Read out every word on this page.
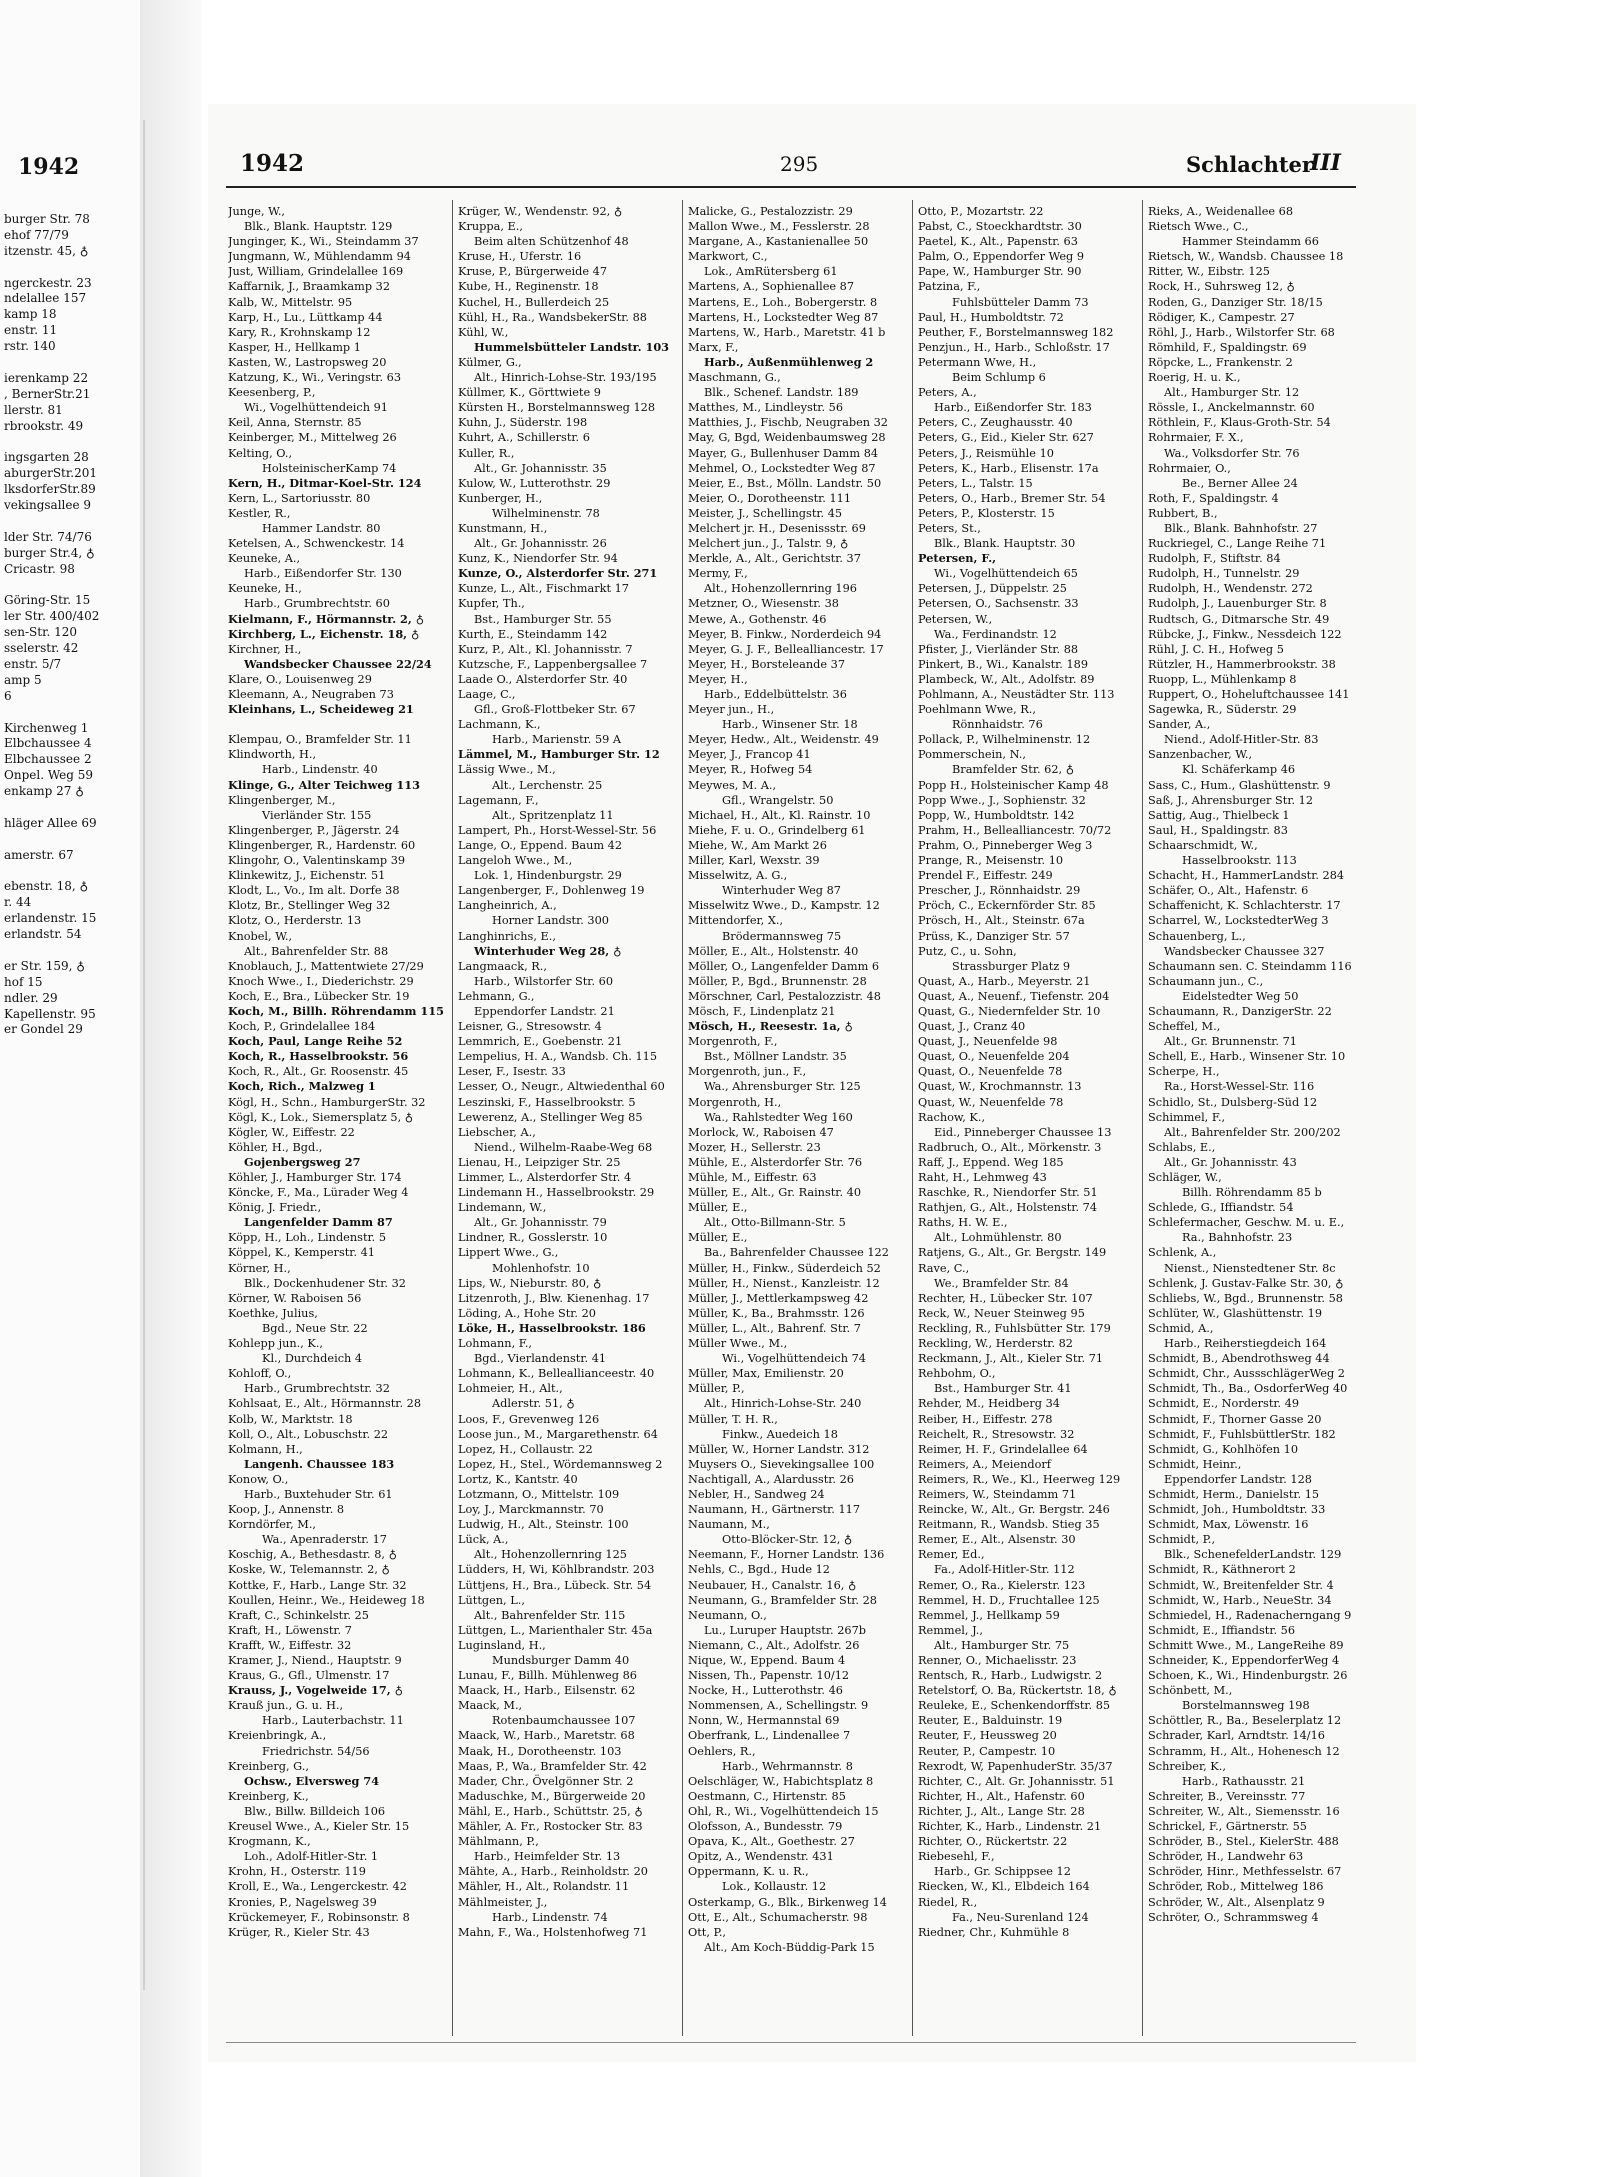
1942
burger Str. 78
ehof 77/79
itzenstr. 45, ♁
ngerckestr. 23
ndelallee 157
kamp 18
enstr. 11
rstr. 140
ierenkamp 22
, BernerStr.21
llerstr. 81
rbrookstr. 49
ingsgarten 28
aburgerStr.201
lksdorferStr.89
vekingsallee 9
lder Str. 74/76
burger Str.4, ♁
Cricastr. 98
Göring-Str. 15
ler Str. 400/402
sen-Str. 120
sselerstr. 42
enstr. 5/7
amp 5
6
Kirchenweg 1
Elbchaussee 4
Elbchaussee 2
Onpel. Weg 59
enkamp 27 ♁
hläger Allee 69
amerstr. 67
ebenstr. 18, ♁
r. 44
erlandenstr. 15
erlandstr. 54
er Str. 159, ♁
hof 15
ndler. 29
Kapellenstr. 95
er Gondel 29
1942	295	Schlachter
III
Junge, W.,
Blk., Blank. Hauptstr. 129
Junginger, K., Wi., Steindamm 37
Jungmann, W., Mühlendamm 94
Just, William, Grindelallee 169
Kaffarnik, J., Braamkamp 32
Kalb, W., Mittelstr. 95
Karp, H., Lu., Lüttkamp 44
Kary, R., Krohnskamp 12
Kasper, H., Hellkamp 1
Kasten, W., Lastropsweg 20
Katzung, K., Wi., Veringstr. 63
Keesenberg, P.,
Wi., Vogelhüttendeich 91
Keil, Anna, Sternstr. 85
Keinberger, M., Mittelweg 26
Kelting, O.,
HolsteinischerKamp 74
Kern, H., Ditmar-Koel-Str. 124
Kern, L., Sartoriusstr. 80
Kestler, R.,
Hammer Landstr. 80
Ketelsen, A., Schwenckestr. 14
Keuneke, A.,
Harb., Eißendorfer Str. 130
Keuneke, H.,
Harb., Grumbrechtstr. 60
Kielmann, F., Hörmannstr. 2, ♁
Kirchberg, L., Eichenstr. 18, ♁
Kirchner, H.,
Wandsbecker Chaussee 22/24
Klare, O., Louisenweg 29
Kleemann, A., Neugraben 73
Kleinhans, L., Scheideweg 21
Klempau, O., Bramfelder Str. 11
Klindworth, H.,
Harb., Lindenstr. 40
Klinge, G., Alter Teichweg 113
Klingenberger, M.,
Vierländer Str. 155
Klingenberger, P., Jägerstr. 24
Klingenberger, R., Hardenstr. 60
Klingohr, O., Valentinskamp 39
Klinkewitz, J., Eichenstr. 51
Klodt, L., Vo., Im alt. Dorfe 38
Klotz, Br., Stellinger Weg 32
Klotz, O., Herderstr. 13
Knobel, W.,
Alt., Bahrenfelder Str. 88
Knoblauch, J., Mattentwiete 27/29
Knoch Wwe., I., Diederichstr. 29
Koch, E., Bra., Lübecker Str. 19
Koch, M., Billh. Röhrendamm 115
Koch, P., Grindelallee 184
Koch, Paul, Lange Reihe 52
Koch, R., Hasselbrookstr. 56
Koch, R., Alt., Gr. Roosenstr. 45
Koch, Rich., Malzweg 1
Kögl, H., Schn., HamburgerStr. 32
Kögl, K., Lok., Siemersplatz 5, ♁
Kögler, W., Eiffestr. 22
Köhler, H., Bgd.,
Gojenbergsweg 27
Köhler, J., Hamburger Str. 174
Köncke, F., Ma., Lürader Weg 4
König, J. Friedr.,
Langenfelder Damm 87
Köpp, H., Loh., Lindenstr. 5
Köppel, K., Kemperstr. 41
Körner, H.,
Blk., Dockenhudener Str. 32
Körner, W. Raboisen 56
Koethke, Julius,
Bgd., Neue Str. 22
Kohlepp jun., K.,
Kl., Durchdeich 4
Kohloff, O.,
Harb., Grumbrechtstr. 32
Kohlsaat, E., Alt., Hörmannstr. 28
Kolb, W., Marktstr. 18
Koll, O., Alt., Lobuschstr. 22
Kolmann, H.,
Langenh. Chaussee 183
Konow, O.,
Harb., Buxtehuder Str. 61
Koop, J., Annenstr. 8
Korndörfer, M.,
Wa., Apenraderstr. 17
Koschig, A., Bethesdastr. 8, ♁
Koske, W., Telemannstr. 2, ♁
Kottke, F., Harb., Lange Str. 32
Koullen, Heinr., We., Heideweg 18
Kraft, C., Schinkelstr. 25
Kraft, H., Löwenstr. 7
Krafft, W., Eiffestr. 32
Kramer, J., Niend., Hauptstr. 9
Kraus, G., Gfl., Ulmenstr. 17
Krauss, J., Vogelweide 17, ♁
Krauß jun., G. u. H.,
Harb., Lauterbachstr. 11
Kreienbringk, A.,
Friedrichstr. 54/56
Kreinberg, G.,
Ochsw., Elversweg 74
Kreinberg, K.,
Blw., Billw. Billdeich 106
Kreusel Wwe., A., Kieler Str. 15
Krogmann, K.,
Loh., Adolf-Hitler-Str. 1
Krohn, H., Osterstr. 119
Kroll, E., Wa., Lengerckestr. 42
Kronies, P., Nagelsweg 39
Krückemeyer, F., Robinsonstr. 8
Krüger, R., Kieler Str. 43
Krüger, W., Wendenstr. 92, ♁
Kruppa, E.,
Beim alten Schützenhof 48
Kruse, H., Uferstr. 16
Kruse, P., Bürgerweide 47
Kube, H., Reginenstr. 18
Kuchel, H., Bullerdeich 25
Kühl, H., Ra., WandsbekerStr. 88
Kühl, W.,
Hummelsbütteler Landstr. 103
Külmer, G.,
Alt., Hinrich-Lohse-Str. 193/195
Küllmer, K., Görttwiete 9
Kürsten H., Borstelmannsweg 128
Kuhn, J., Süderstr. 198
Kuhrt, A., Schillerstr. 6
Kuller, R.,
Alt., Gr. Johannisstr. 35
Kulow, W., Lutterothstr. 29
Kunberger, H.,
Wilhelminenstr. 78
Kunstmann, H.,
Alt., Gr. Johannisstr. 26
Kunz, K., Niendorfer Str. 94
Kunze, O., Alsterdorfer Str. 271
Kunze, L., Alt., Fischmarkt 17
Kupfer, Th.,
Bst., Hamburger Str. 55
Kurth, E., Steindamm 142
Kurz, P., Alt., Kl. Johannisstr. 7
Kutzsche, F., Lappenbergsallee 7
Laade O., Alsterdorfer Str. 40
Laage, C.,
Gfl., Groß-Flottbeker Str. 67
Lachmann, K.,
Harb., Marienstr. 59 A
Lämmel, M., Hamburger Str. 12
Lässig Wwe., M.,
Alt., Lerchenstr. 25
Lagemann, F.,
Alt., Spritzenplatz 11
Lampert, Ph., Horst-Wessel-Str. 56
Lange, O., Eppend. Baum 42
Langeloh Wwe., M.,
Lok. 1, Hindenburgstr. 29
Langenberger, F., Dohlenweg 19
Langheinrich, A.,
Horner Landstr. 300
Langhinrichs, E.,
Winterhuder Weg 28, ♁
Langmaack, R.,
Harb., Wilstorfer Str. 60
Lehmann, G.,
Eppendorfer Landstr. 21
Leisner, G., Stresowstr. 4
Lemmrich, E., Goebenstr. 21
Lempelius, H. A., Wandsb. Ch. 115
Leser, F., Isestr. 33
Lesser, O., Neugr., Altwiedenthal 60
Leszinski, F., Hasselbrookstr. 5
Lewerenz, A., Stellinger Weg 85
Liebscher, A.,
Niend., Wilhelm-Raabe-Weg 68
Lienau, H., Leipziger Str. 25
Limmer, L., Alsterdorfer Str. 4
Lindemann H., Hasselbrookstr. 29
Lindemann, W.,
Alt., Gr. Johannisstr. 79
Lindner, R., Gosslerstr. 10
Lippert Wwe., G.,
Mohlenhofstr. 10
Lips, W., Nieburstr. 80, ♁
Litzenroth, J., Blw. Kienenhag. 17
Löding, A., Hohe Str. 20
Löke, H., Hasselbrookstr. 186
Lohmann, F.,
Bgd., Vierlandenstr. 41
Lohmann, K., Belleallianceestr. 40
Lohmeier, H., Alt.,
Adlerstr. 51, ♁
Loos, F., Grevenweg 126
Loose jun., M., Margarethenstr. 64
Lopez, H., Collaustr. 22
Lopez, H., Stel., Wördemannsweg 2
Lortz, K., Kantstr. 40
Lotzmann, O., Mittelstr. 109
Loy, J., Marckmannstr. 70
Ludwig, H., Alt., Steinstr. 100
Lück, A.,
Alt., Hohenzollernring 125
Lüdders, H, Wi, Köhlbrandstr. 203
Lüttjens, H., Bra., Lübeck. Str. 54
Lüttgen, L.,
Alt., Bahrenfelder Str. 115
Lüttgen, L., Marienthaler Str. 45a
Luginsland, H.,
Mundsburger Damm 40
Lunau, F., Billh. Mühlenweg 86
Maack, H., Harb., Eilsenstr. 62
Maack, M.,
Rotenbaumchaussee 107
Maack, W., Harb., Maretstr. 68
Maak, H., Dorotheenstr. 103
Maas, P., Wa., Bramfelder Str. 42
Mader, Chr., Övelgönner Str. 2
Maduschke, M., Bürgerweide 20
Mähl, E., Harb., Schüttstr. 25, ♁
Mähler, A. Fr., Rostocker Str. 83
Mählmann, P.,
Harb., Heimfelder Str. 13
Mähte, A., Harb., Reinholdstr. 20
Mähler, H., Alt., Rolandstr. 11
Mählmeister, J.,
Harb., Lindenstr. 74
Mahn, F., Wa., Holstenhofweg 71
Malicke, G., Pestalozzistr. 29
Mallon Wwe., M., Fesslerstr. 28
Margane, A., Kastanienallee 50
Markwort, C.,
Lok., AmRütersberg 61
Martens, A., Sophienallee 87
Martens, E., Loh., Bobergerstr. 8
Martens, H., Lockstedter Weg 87
Martens, W., Harb., Maretstr. 41 b
Marx, F.,
Harb., Außenmühlenweg 2
Maschmann, G.,
Blk., Schenef. Landstr. 189
Matthes, M., Lindleystr. 56
Matthies, J., Fischb, Neugraben 32
May, G, Bgd, Weidenbaumsweg 28
Mayer, G., Bullenhuser Damm 84
Mehmel, O., Lockstedter Weg 87
Meier, E., Bst., Mölln. Landstr. 50
Meier, O., Dorotheenstr. 111
Meister, J., Schellingstr. 45
Melchert jr. H., Desenissstr. 69
Melchert jun., J., Talstr. 9, ♁
Merkle, A., Alt., Gerichtstr. 37
Mermy, F.,
Alt., Hohenzollernring 196
Metzner, O., Wiesenstr. 38
Mewe, A., Gothenstr. 46
Meyer, B. Finkw., Norderdeich 94
Meyer, G. J. F., Bellealliancestr. 17
Meyer, H., Borsteleande 37
Meyer, H.,
Harb., Eddelbüttelstr. 36
Meyer jun., H.,
Harb., Winsener Str. 18
Meyer, Hedw., Alt., Weidenstr. 49
Meyer, J., Francop 41
Meyer, R., Hofweg 54
Meywes, M. A.,
Gfl., Wrangelstr. 50
Michael, H., Alt., Kl. Rainstr. 10
Miehe, F. u. O., Grindelberg 61
Miehe, W., Am Markt 26
Miller, Karl, Wexstr. 39
Misselwitz, A. G.,
Winterhuder Weg 87
Misselwitz Wwe., D., Kampstr. 12
Mittendorfer, X.,
Brödermannsweg 75
Möller, E., Alt., Holstenstr. 40
Möller, O., Langenfelder Damm 6
Möller, P., Bgd., Brunnenstr. 28
Mörschner, Carl, Pestalozzistr. 48
Mösch, F., Lindenplatz 21
Mösch, H., Reesestr. 1a, ♁
Morgenroth, F.,
Bst., Möllner Landstr. 35
Morgenroth, jun., F.,
Wa., Ahrensburger Str. 125
Morgenroth, H.,
Wa., Rahlstedter Weg 160
Morlock, W., Raboisen 47
Mozer, H., Sellerstr. 23
Mühle, E., Alsterdorfer Str. 76
Mühle, M., Eiffestr. 63
Müller, E., Alt., Gr. Rainstr. 40
Müller, E.,
Alt., Otto-Billmann-Str. 5
Müller, E.,
Ba., Bahrenfelder Chaussee 122
Müller, H., Finkw., Süderdeich 52
Müller, H., Nienst., Kanzleistr. 12
Müller, J., Mettlerkampsweg 42
Müller, K., Ba., Brahmsstr. 126
Müller, L., Alt., Bahrenf. Str. 7
Müller Wwe., M.,
Wi., Vogelhüttendeich 74
Müller, Max, Emilienstr. 20
Müller, P.,
Alt., Hinrich-Lohse-Str. 240
Müller, T. H. R.,
Finkw., Auedeich 18
Müller, W., Horner Landstr. 312
Muysers O., Sievekingsallee 100
Nachtigall, A., Alardusstr. 26
Nebler, H., Sandweg 24
Naumann, H., Gärtnerstr. 117
Naumann, M.,
Otto-Blöcker-Str. 12, ♁
Neemann, F., Horner Landstr. 136
Nehls, C., Bgd., Hude 12
Neubauer, H., Canalstr. 16, ♁
Neumann, G., Bramfelder Str. 28
Neumann, O.,
Lu., Luruper Hauptstr. 267b
Niemann, C., Alt., Adolfstr. 26
Nique, W., Eppend. Baum 4
Nissen, Th., Papenstr. 10/12
Nocke, H., Lutterothstr. 46
Nommensen, A., Schellingstr. 9
Nonn, W., Hermannstal 69
Oberfrank, L., Lindenallee 7
Oehlers, R.,
Harb., Wehrmannstr. 8
Oelschläger, W., Habichtsplatz 8
Oestmann, C., Hirtenstr. 85
Ohl, R., Wi., Vogelhüttendeich 15
Olofsson, A., Bundesstr. 79
Opava, K., Alt., Goethestr. 27
Opitz, A., Wendenstr. 431
Oppermann, K. u. R.,
Lok., Kollaustr. 12
Osterkamp, G., Blk., Birkenweg 14
Ott, E., Alt., Schumacherstr. 98
Ott, P.,
Alt., Am Koch-Büddig-Park 15
Otto, P., Mozartstr. 22
Pabst, C., Stoeckhardtstr. 30
Paetel, K., Alt., Papenstr. 63
Palm, O., Eppendorfer Weg 9
Pape, W., Hamburger Str. 90
Patzina, F.,
Fuhlsbütteler Damm 73
Paul, H., Humboldtstr. 72
Peuther, F., Borstelmannsweg 182
Penzjun., H., Harb., Schloßstr. 17
Petermann Wwe, H.,
Beim Schlump 6
Peters, A.,
Harb., Eißendorfer Str. 183
Peters, C., Zeughausstr. 40
Peters, G., Eid., Kieler Str. 627
Peters, J., Reismühle 10
Peters, K., Harb., Elisenstr. 17a
Peters, L., Talstr. 15
Peters, O., Harb., Bremer Str. 54
Peters, P., Klosterstr. 15
Peters, St.,
Blk., Blank. Hauptstr. 30
Petersen, F.,
Wi., Vogelhüttendeich 65
Petersen, J., Düppelstr. 25
Petersen, O., Sachsenstr. 33
Petersen, W.,
Wa., Ferdinandstr. 12
Pfister, J., Vierländer Str. 88
Pinkert, B., Wi., Kanalstr. 189
Plambeck, W., Alt., Adolfstr. 89
Pohlmann, A., Neustädter Str. 113
Poehlmann Wwe, R.,
Rönnhaidstr. 76
Pollack, P., Wilhelminenstr. 12
Pommerschein, N.,
Bramfelder Str. 62, ♁
Popp H., Holsteinischer Kamp 48
Popp Wwe., J., Sophienstr. 32
Popp, W., Humboldtstr. 142
Prahm, H., Bellealliancestr. 70/72
Prahm, O., Pinneberger Weg 3
Prange, R., Meisenstr. 10
Prendel F., Eiffestr. 249
Prescher, J., Rönnhaidstr. 29
Pröch, C., Eckernförder Str. 85
Prösch, H., Alt., Steinstr. 67a
Prüss, K., Danziger Str. 57
Putz, C., u. Sohn,
Strassburger Platz 9
Quast, A., Harb., Meyerstr. 21
Quast, A., Neuenf., Tiefenstr. 204
Quast, G., Niedernfelder Str. 10
Quast, J., Cranz 40
Quast, J., Neuenfelde 98
Quast, O., Neuenfelde 204
Quast, O., Neuenfelde 78
Quast, W., Krochmannstr. 13
Quast, W., Neuenfelde 78
Rachow, K.,
Eid., Pinneberger Chaussee 13
Radbruch, O., Alt., Mörkenstr. 3
Raff, J., Eppend. Weg 185
Raht, H., Lehmweg 43
Raschke, R., Niendorfer Str. 51
Rathjen, G., Alt., Holstenstr. 74
Raths, H. W. E.,
Alt., Lohmühlenstr. 80
Ratjens, G., Alt., Gr. Bergstr. 149
Rave, C.,
We., Bramfelder Str. 84
Rechter, H., Lübecker Str. 107
Reck, W., Neuer Steinweg 95
Reckling, R., Fuhlsbütter Str. 179
Reckling, W., Herderstr. 82
Reckmann, J., Alt., Kieler Str. 71
Rehbohm, O.,
Bst., Hamburger Str. 41
Rehder, M., Heidberg 34
Reiber, H., Eiffestr. 278
Reichelt, R., Stresowstr. 32
Reimer, H. F., Grindelallee 64
Reimers, A., Meiendorf
Reimers, R., We., Kl., Heerweg 129
Reimers, W., Steindamm 71
Reincke, W., Alt., Gr. Bergstr. 246
Reitmann, R., Wandsb. Stieg 35
Remer, E., Alt., Alsenstr. 30
Remer, Ed.,
Fa., Adolf-Hitler-Str. 112
Remer, O., Ra., Kielerstr. 123
Remmel, H. D., Fruchtallee 125
Remmel, J., Hellkamp 59
Remmel, J.,
Alt., Hamburger Str. 75
Renner, O., Michaelisstr. 23
Rentsch, R., Harb., Ludwigstr. 2
Retelstorf, O. Ba, Rückertstr. 18, ♁
Reuleke, E., Schenkendorffstr. 85
Reuter, E., Balduinstr. 19
Reuter, F., Heussweg 20
Reuter, P., Campestr. 10
Rexrodt, W, PapenhuderStr. 35/37
Richter, C., Alt. Gr. Johannisstr. 51
Richter, H., Alt., Hafenstr. 60
Richter, J., Alt., Lange Str. 28
Richter, K., Harb., Lindenstr. 21
Richter, O., Rückertstr. 22
Riebesehl, F.,
Harb., Gr. Schippsee 12
Riecken, W., Kl., Elbdeich 164
Riedel, R.,
Fa., Neu-Surenland 124
Riedner, Chr., Kuhmühle 8
Rieks, A., Weidenallee 68
Rietsch Wwe., C.,
Hammer Steindamm 66
Rietsch, W., Wandsb. Chaussee 18
Ritter, W., Eibstr. 125
Rock, H., Suhrsweg 12, ♁
Roden, G., Danziger Str. 18/15
Rödiger, K., Campestr. 27
Röhl, J., Harb., Wilstorfer Str. 68
Römhild, F., Spaldingstr. 69
Röpcke, L., Frankenstr. 2
Roerig, H. u. K.,
Alt., Hamburger Str. 12
Rössle, I., Anckelmannstr. 60
Röthlein, F., Klaus-Groth-Str. 54
Rohrmaier, F. X.,
Wa., Volksdorfer Str. 76
Rohrmaier, O.,
Be., Berner Allee 24
Roth, F., Spaldingstr. 4
Rubbert, B.,
Blk., Blank. Bahnhofstr. 27
Ruckriegel, C., Lange Reihe 71
Rudolph, F., Stiftstr. 84
Rudolph, H., Tunnelstr. 29
Rudolph, H., Wendenstr. 272
Rudolph, J., Lauenburger Str. 8
Rudtsch, G., Ditmarsche Str. 49
Rübcke, J., Finkw., Nessdeich 122
Rühl, J. C. H., Hofweg 5
Rützler, H., Hammerbrookstr. 38
Ruopp, L., Mühlenkamp 8
Ruppert, O., Hoheluftchaussee 141
Sagewka, R., Süderstr. 29
Sander, A.,
Niend., Adolf-Hitler-Str. 83
Sanzenbacher, W.,
Kl. Schäferkamp 46
Sass, C., Hum., Glashüttenstr. 9
Saß, J., Ahrensburger Str. 12
Sattig, Aug., Thielbeck 1
Saul, H., Spaldingstr. 83
Schaarschmidt, W.,
Hasselbrookstr. 113
Schacht, H., HammerLandstr. 284
Schäfer, O., Alt., Hafenstr. 6
Schaffenicht, K. Schlachterstr. 17
Scharrel, W., LockstedterWeg 3
Schauenberg, L.,
Wandsbecker Chaussee 327
Schaumann sen. C. Steindamm 116
Schaumann jun., C.,
Eidelstedter Weg 50
Schaumann, R., DanzigerStr. 22
Scheffel, M.,
Alt., Gr. Brunnenstr. 71
Schell, E., Harb., Winsener Str. 10
Scherpe, H.,
Ra., Horst-Wessel-Str. 116
Schidlo, St., Dulsberg-Süd 12
Schimmel, F.,
Alt., Bahrenfelder Str. 200/202
Schlabs, E.,
Alt., Gr. Johannisstr. 43
Schläger, W.,
Billh. Röhrendamm 85 b
Schlede, G., Iffiandstr. 54
Schlefermacher, Geschw. M. u. E.,
Ra., Bahnhofstr. 23
Schlenk, A.,
Nienst., Nienstedtener Str. 8c
Schlenk, J. Gustav-Falke Str. 30, ♁
Schliebs, W., Bgd., Brunnenstr. 58
Schlüter, W., Glashüttenstr. 19
Schmid, A.,
Harb., Reiherstiegdeich 164
Schmidt, B., Abendrothsweg 44
Schmidt, Chr., AussschlägerWeg 2
Schmidt, Th., Ba., OsdorferWeg 40
Schmidt, E., Norderstr. 49
Schmidt, F., Thorner Gasse 20
Schmidt, F., FuhlsbüttlerStr. 182
Schmidt, G., Kohlhöfen 10
Schmidt, Heinr.,
Eppendorfer Landstr. 128
Schmidt, Herm., Danielstr. 15
Schmidt, Joh., Humboldtstr. 33
Schmidt, Max, Löwenstr. 16
Schmidt, P.,
Blk., SchenefelderLandstr. 129
Schmidt, R., Käthnerort 2
Schmidt, W., Breitenfelder Str. 4
Schmidt, W., Harb., NeueStr. 34
Schmiedel, H., Radenacherngang 9
Schmidt, E., Iffiandstr. 56
Schmitt Wwe., M., LangeReihe 89
Schneider, K., EppendorferWeg 4
Schoen, K., Wi., Hindenburgstr. 26
Schönbett, M.,
Borstelmannsweg 198
Schöttler, R., Ba., Beselerplatz 12
Schrader, Karl, Arndtstr. 14/16
Schramm, H., Alt., Hohenesch 12
Schreiber, K.,
Harb., Rathausstr. 21
Schreiter, B., Vereinsstr. 77
Schreiter, W., Alt., Siemensstr. 16
Schrickel, F., Gärtnerstr. 55
Schröder, B., Stel., KielerStr. 488
Schröder, H., Landwehr 63
Schröder, Hinr., Methfesselstr. 67
Schröder, Rob., Mittelweg 186
Schröder, W., Alt., Alsenplatz 9
Schröter, O., Schrammsweg 4
